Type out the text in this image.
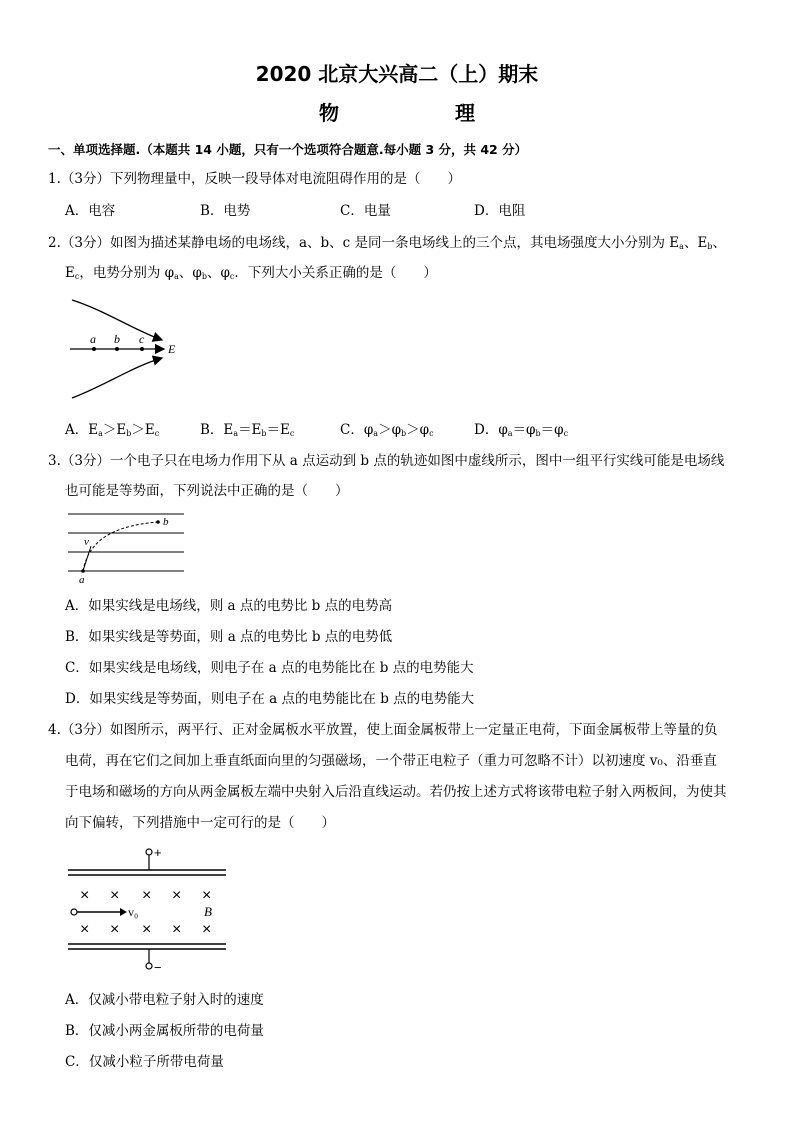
2020 北京大兴高二（上）期末
物　理
一、单项选择题.（本题共 14 小题，只有一个选项符合题意.每小题 3 分，共 42 分）
1.（3分）下列物理量中，反映一段导体对电流阻碍作用的是（　　）
A．电容	B．电势	C．电量	D．电阻
2.（3分）如图为描述某静电场的电场线，a、b、c 是同一条电场线上的三个点，其电场强度大小分别为 $E_a$、$E_b$、
$E_c$，电势分别为 $\varphi_a$、$\varphi_b$、$\varphi_c$．下列大小关系正确的是（　　）
a b c
E
A．$E_a>E_b>E_c$	B．$E_a=E_b=E_c$	C．$\varphi_a>\varphi_b>\varphi_c$	D．$\varphi_a=\varphi_b=\varphi_c$
3.（3分）一个电子只在电场力作用下从 a 点运动到 b 点的轨迹如图中虚线所示，图中一组平行实线可能是电场线
也可能是等势面，下列说法中正确的是（　　）
v
a
b
A．如果实线是电场线，则 a 点的电势比 b 点的电势高
B．如果实线是等势面，则 a 点的电势比 b 点的电势低
C．如果实线是电场线，则电子在 a 点的电势能比在 b 点的电势能大
D．如果实线是等势面，则电子在 a 点的电势能比在 b 点的电势能大
4.（3分）如图所示，两平行、正对金属板水平放置，使上面金属板带上一定量正电荷，下面金属板带上等量的负
电荷，再在它们之间加上垂直纸面向里的匀强磁场，一个带正电粒子（重力可忽略不计）以初速度 v₀、沿垂直
于电场和磁场的方向从两金属板左端中央射入后沿直线运动。若仍按上述方式将该带电粒子射入两板间，为使其
向下偏转，下列措施中一定可行的是（　　）
+
× × × × ×
v₀	B
× × × × ×
−
A．仅减小带电粒子射入时的速度
B．仅减小两金属板所带的电荷量
C．仅减小粒子所带电荷量
